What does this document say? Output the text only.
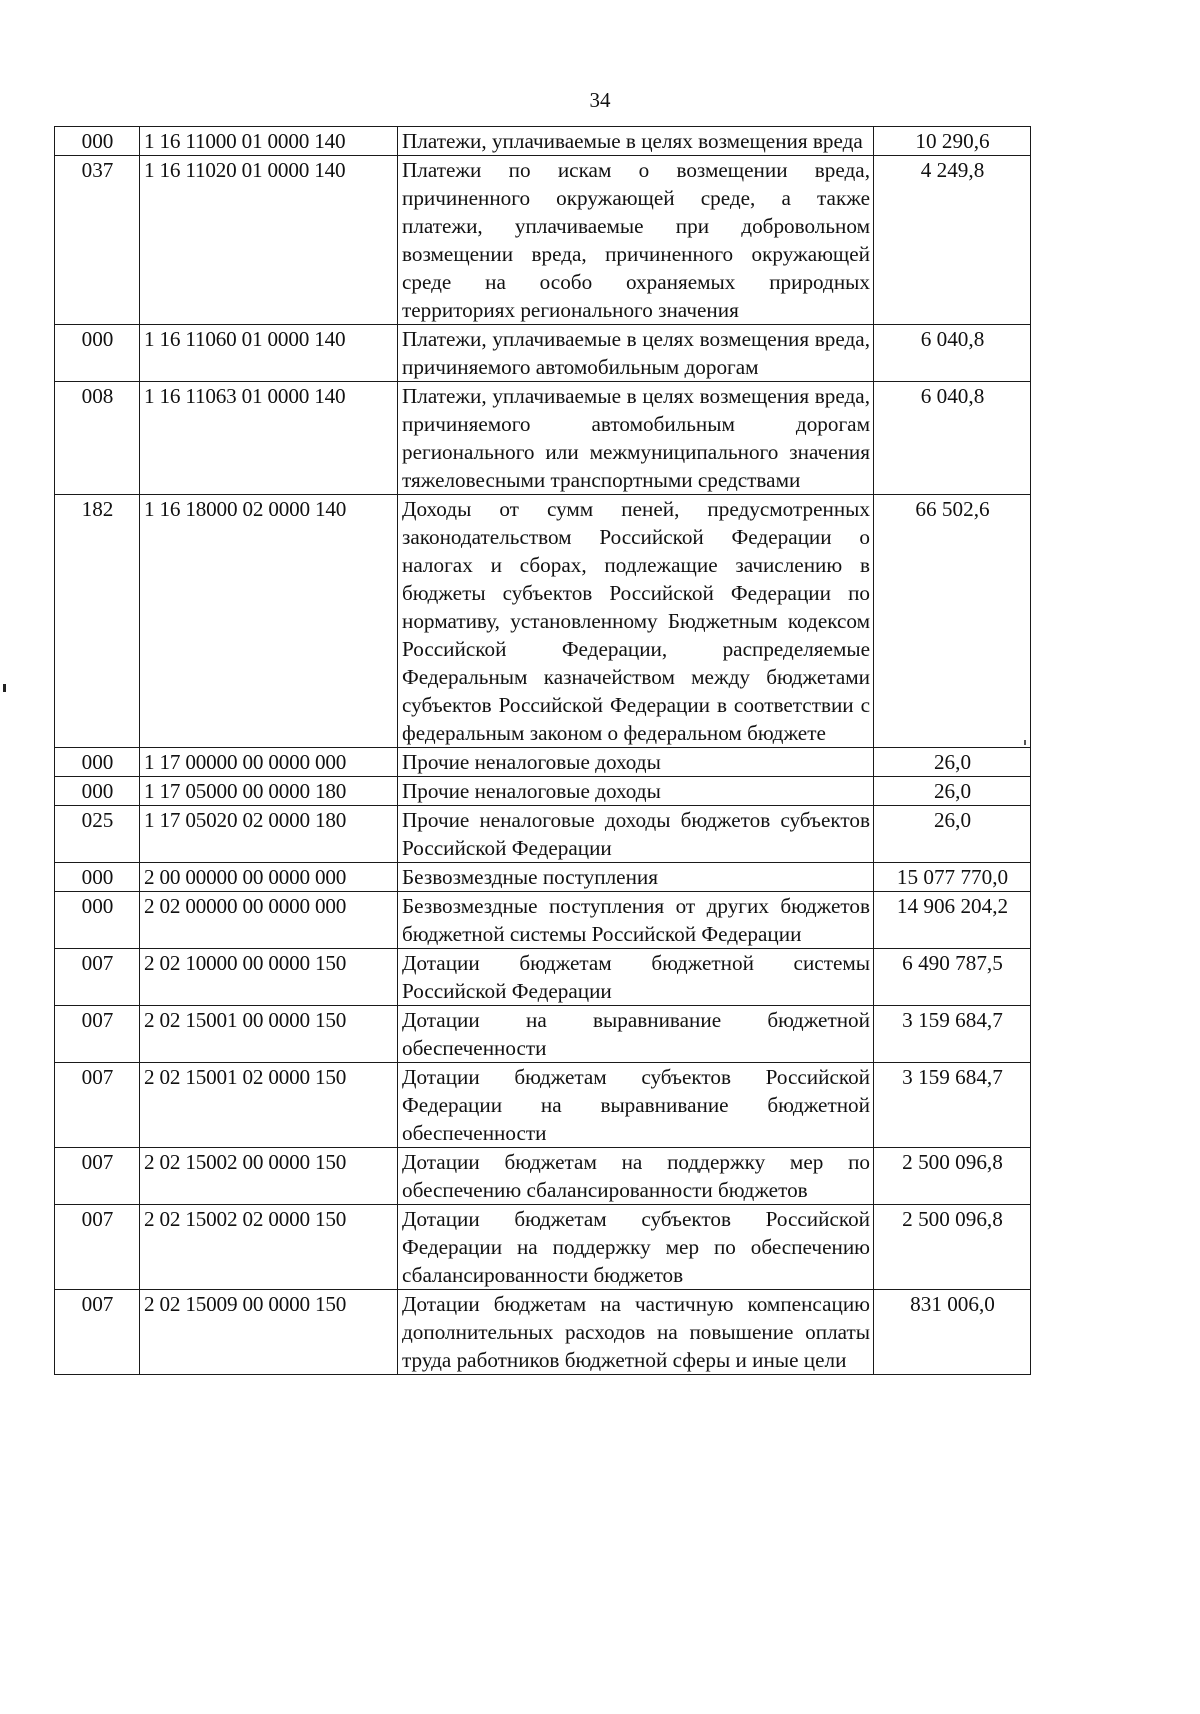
34
000	1 16 11000 01 0000 140	Платежи, уплачиваемые в целях возмещения вреда	10 290,6
037	1 16 11020 01 0000 140	Платежи по искам о возмещении вреда, причиненного окружающей среде, а также платежи, уплачиваемые при добровольном возмещении вреда, причиненного окружающей среде на особо охраняемых природных территориях регионального значения	4 249,8
000	1 16 11060 01 0000 140	Платежи, уплачиваемые в целях возмещения вреда, причиняемого автомобильным дорогам	6 040,8
008	1 16 11063 01 0000 140	Платежи, уплачиваемые в целях возмещения вреда, причиняемого автомобильным дорогам регионального или межмуниципального значения тяжеловесными транспортными средствами	6 040,8
182	1 16 18000 02 0000 140	Доходы от сумм пеней, предусмотренных законодательством Российской Федерации о налогах и сборах, подлежащие зачислению в бюджеты субъектов Российской Федерации по нормативу, установленному Бюджетным кодексом Российской Федерации, распределяемые Федеральным казначейством между бюджетами субъектов Российской Федерации в соответствии с федеральным законом о федеральном бюджете	66 502,6
000	1 17 00000 00 0000 000	Прочие неналоговые доходы	26,0
000	1 17 05000 00 0000 180	Прочие неналоговые доходы	26,0
025	1 17 05020 02 0000 180	Прочие неналоговые доходы бюджетов субъектов Российской Федерации	26,0
000	2 00 00000 00 0000 000	Безвозмездные поступления	15 077 770,0
000	2 02 00000 00 0000 000	Безвозмездные поступления от других бюджетов бюджетной системы Российской Федерации	14 906 204,2
007	2 02 10000 00 0000 150	Дотации бюджетам бюджетной системы Российской Федерации	6 490 787,5
007	2 02 15001 00 0000 150	Дотации на выравнивание бюджетной обеспеченности	3 159 684,7
007	2 02 15001 02 0000 150	Дотации бюджетам субъектов Российской Федерации на выравнивание бюджетной обеспеченности	3 159 684,7
007	2 02 15002 00 0000 150	Дотации бюджетам на поддержку мер по обеспечению сбалансированности бюджетов	2 500 096,8
007	2 02 15002 02 0000 150	Дотации бюджетам субъектов Российской Федерации на поддержку мер по обеспечению сбалансированности бюджетов	2 500 096,8
007	2 02 15009 00 0000 150	Дотации бюджетам на частичную компенсацию дополнительных расходов на повышение оплаты труда работников бюджетной сферы и иные цели	831 006,0
